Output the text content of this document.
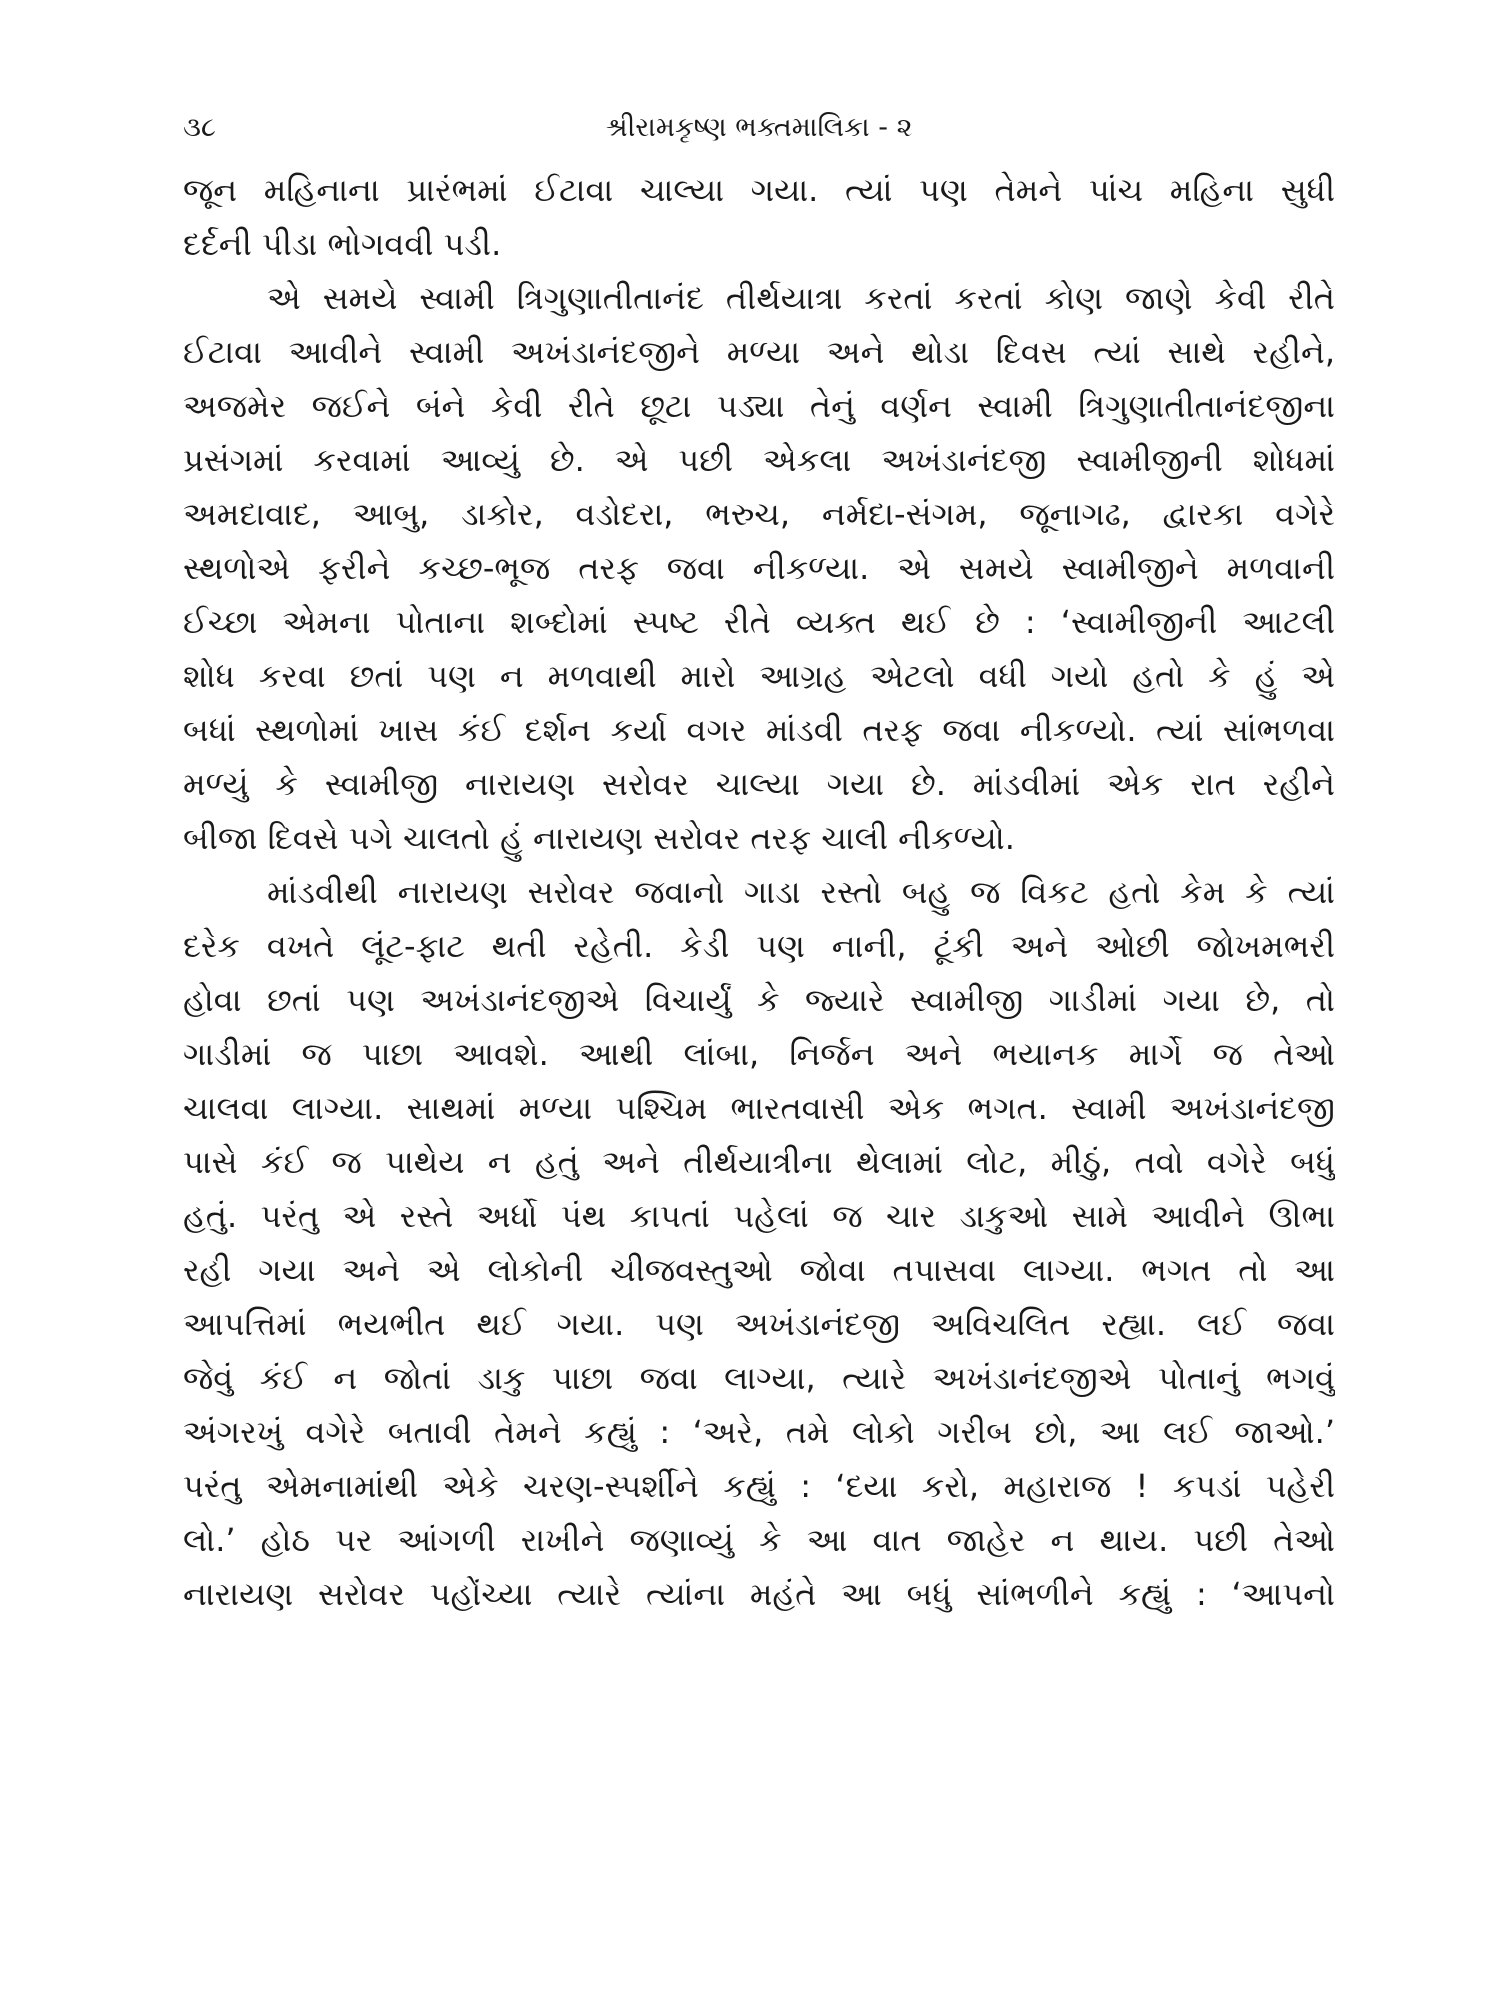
૩૮	શ્રીરામકૃષ્ણ ભક્તમાલિકા - ૨
જૂન મહિનાના પ્રારંભમાં ઈટાવા ચાલ્યા ગયા. ત્યાં પણ તેમને પાંચ મહિના સુધી
દર્દની પીડા ભોગવવી પડી.
એ સમયે સ્વામી ત્રિગુણાતીતાનંદ તીર્થયાત્રા કરતાં કરતાં કોણ જાણે કેવી રીતે
ઈટાવા આવીને સ્વામી અખંડાનંદજીને મળ્યા અને થોડા દિવસ ત્યાં સાથે રહીને,
અજમેર જઈને બંને કેવી રીતે છૂટા પડ્યા તેનું વર્ણન સ્વામી ત્રિગુણાતીતાનંદજીના
પ્રસંગમાં કરવામાં આવ્યું છે. એ પછી એકલા અખંડાનંદજી સ્વામીજીની શોધમાં
અમદાવાદ, આબુ, ડાકોર, વડોદરા, ભરુચ, નર્મદા-સંગમ, જૂનાગઢ, દ્વારકા વગેરે
સ્થળોએ ફરીને કચ્છ-ભૂજ તરફ જવા નીકળ્યા. એ સમયે સ્વામીજીને મળવાની
ઈચ્છા એમના પોતાના શબ્દોમાં સ્પષ્ટ રીતે વ્યક્ત થઈ છે : ‘સ્વામીજીની આટલી
શોધ કરવા છતાં પણ ન મળવાથી મારો આગ્રહ એટલો વધી ગયો હતો કે હું એ
બધાં સ્થળોમાં ખાસ કંઈ દર્શન કર્યા વગર માંડવી તરફ જવા નીકળ્યો. ત્યાં સાંભળવા
મળ્યું કે સ્વામીજી નારાયણ સરોવર ચાલ્યા ગયા છે. માંડવીમાં એક રાત રહીને
બીજા દિવસે પગે ચાલતો હું નારાયણ સરોવર તરફ ચાલી નીકળ્યો.
માંડવીથી નારાયણ સરોવર જવાનો ગાડા રસ્તો બહુ જ વિકટ હતો કેમ કે ત્યાં
દરેક વખતે લૂંટ-ફાટ થતી રહેતી. કેડી પણ નાની, ટૂંકી અને ઓછી જોખમભરી
હોવા છતાં પણ અખંડાનંદજીએ વિચાર્યું કે જ્યારે સ્વામીજી ગાડીમાં ગયા છે, તો
ગાડીમાં જ પાછા આવશે. આથી લાંબા, નિર્જન અને ભયાનક માર્ગે જ તેઓ
ચાલવા લાગ્યા. સાથમાં મળ્યા પશ્ચિમ ભારતવાસી એક ભગત. સ્વામી અખંડાનંદજી
પાસે કંઈ જ પાથેય ન હતું અને તીર્થયાત્રીના થેલામાં લોટ, મીઠું, તવો વગેરે બધું
હતું. પરંતુ એ રસ્તે અર્ધો પંથ કાપતાં પહેલાં જ ચાર ડાકુઓ સામે આવીને ઊભા
રહી ગયા અને એ લોકોની ચીજવસ્તુઓ જોવા તપાસવા લાગ્યા. ભગત તો આ
આપત્તિમાં ભયભીત થઈ ગયા. પણ અખંડાનંદજી અવિચલિત રહ્યા. લઈ જવા
જેવું કંઈ ન જોતાં ડાકુ પાછા જવા લાગ્યા, ત્યારે અખંડાનંદજીએ પોતાનું ભગવું
અંગરખું વગેરે બતાવી તેમને કહ્યું : ‘અરે, તમે લોકો ગરીબ છો, આ લઈ જાઓ.’
પરંતુ એમનામાંથી એકે ચરણ-સ્પર્શીને કહ્યું : ‘દયા કરો, મહારાજ ! કપડાં પહેરી
લો.’ હોઠ પર આંગળી રાખીને જણાવ્યું કે આ વાત જાહેર ન થાય. પછી તેઓ
નારાયણ સરોવર પહોંચ્યા ત્યારે ત્યાંના મહંતે આ બધું સાંભળીને કહ્યું : ‘આપનો
